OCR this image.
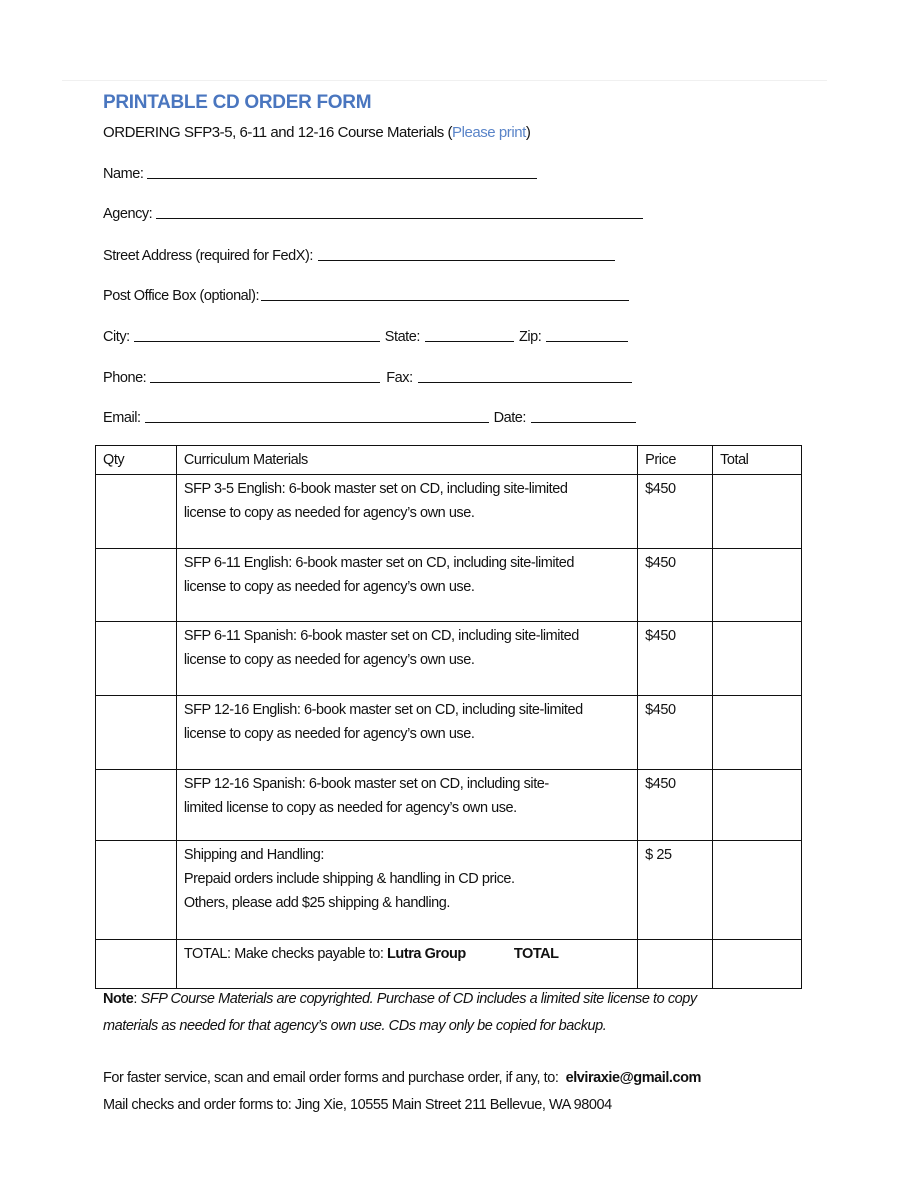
PRINTABLE CD ORDER FORM
ORDERING SFP3-5, 6-11 and 12-16 Course Materials (Please print)
Name:
Agency:
Street Address (required for FedX):
Post Office Box (optional):
City:	State:	Zip:
Phone:	Fax:
Email:	Date:
Qty	Curriculum Materials	Price	Total

	SFP 3-5 English: 6-book master set on CD, including site-limited
license to copy as needed for agency’s own use.	$450	

	SFP 6-11 English: 6-book master set on CD, including site-limited
license to copy as needed for agency’s own use.	$450	

	SFP 6-11 Spanish: 6-book master set on CD, including site-limited
license to copy as needed for agency’s own use.	$450	

	SFP 12-16 English: 6-book master set on CD, including site-limited
license to copy as needed for agency’s own use.	$450	

	SFP 12-16 Spanish: 6-book master set on CD, including site-
limited license to copy as needed for agency’s own use.	$450	

	Shipping and Handling:
Prepaid orders include shipping & handling in CD price.
Others, please add $25 shipping & handling.	$ 25	
	TOTAL: Make checks payable to: Lutra Group TOTAL		
Note: SFP Course Materials are copyrighted. Purchase of CD includes a limited site license to copy
materials as needed for that agency’s own use. CDs may only be copied for backup.
For faster service, scan and email order forms and purchase order, if any, to:  elviraxie@gmail.com
Mail checks and order forms to: Jing Xie, 10555 Main Street 211 Bellevue, WA 98004
